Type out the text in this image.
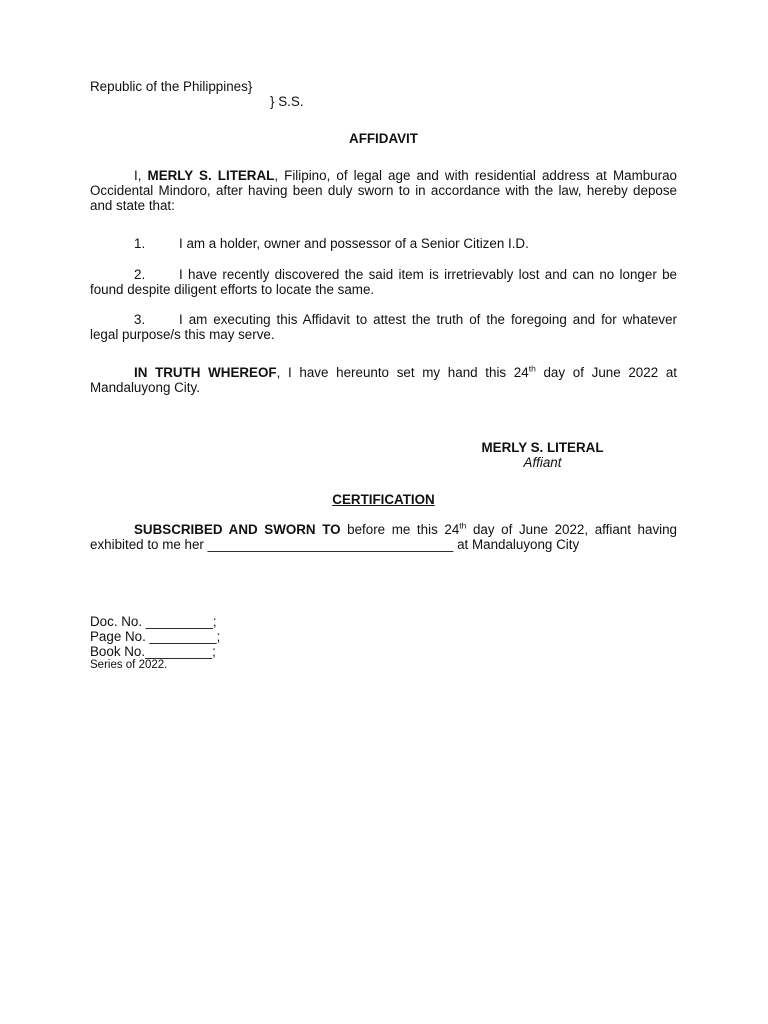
Republic of the Philippines}
} S.S.
AFFIDAVIT
I, MERLY S. LITERAL, Filipino, of legal age and with residential address at Mamburao Occidental Mindoro, after having been duly sworn to in accordance with the law, hereby depose and state that:
1.	I am a holder, owner and possessor of a Senior Citizen I.D.
2.	I have recently discovered the said item is irretrievably lost and can no longer be found despite diligent efforts to locate the same.
3.	I am executing this Affidavit to attest the truth of the foregoing and for whatever legal purpose/s this may serve.
IN TRUTH WHEREOF, I have hereunto set my hand this 24th day of June 2022 at Mandaluyong City.
MERLY S. LITERAL
Affiant
CERTIFICATION
SUBSCRIBED AND SWORN TO before me this 24th day of June 2022, affiant having exhibited to me her _________________________________ at Mandaluyong City
Doc. No. _________;
Page No. _________;
Book No._________;
Series of 2022.
